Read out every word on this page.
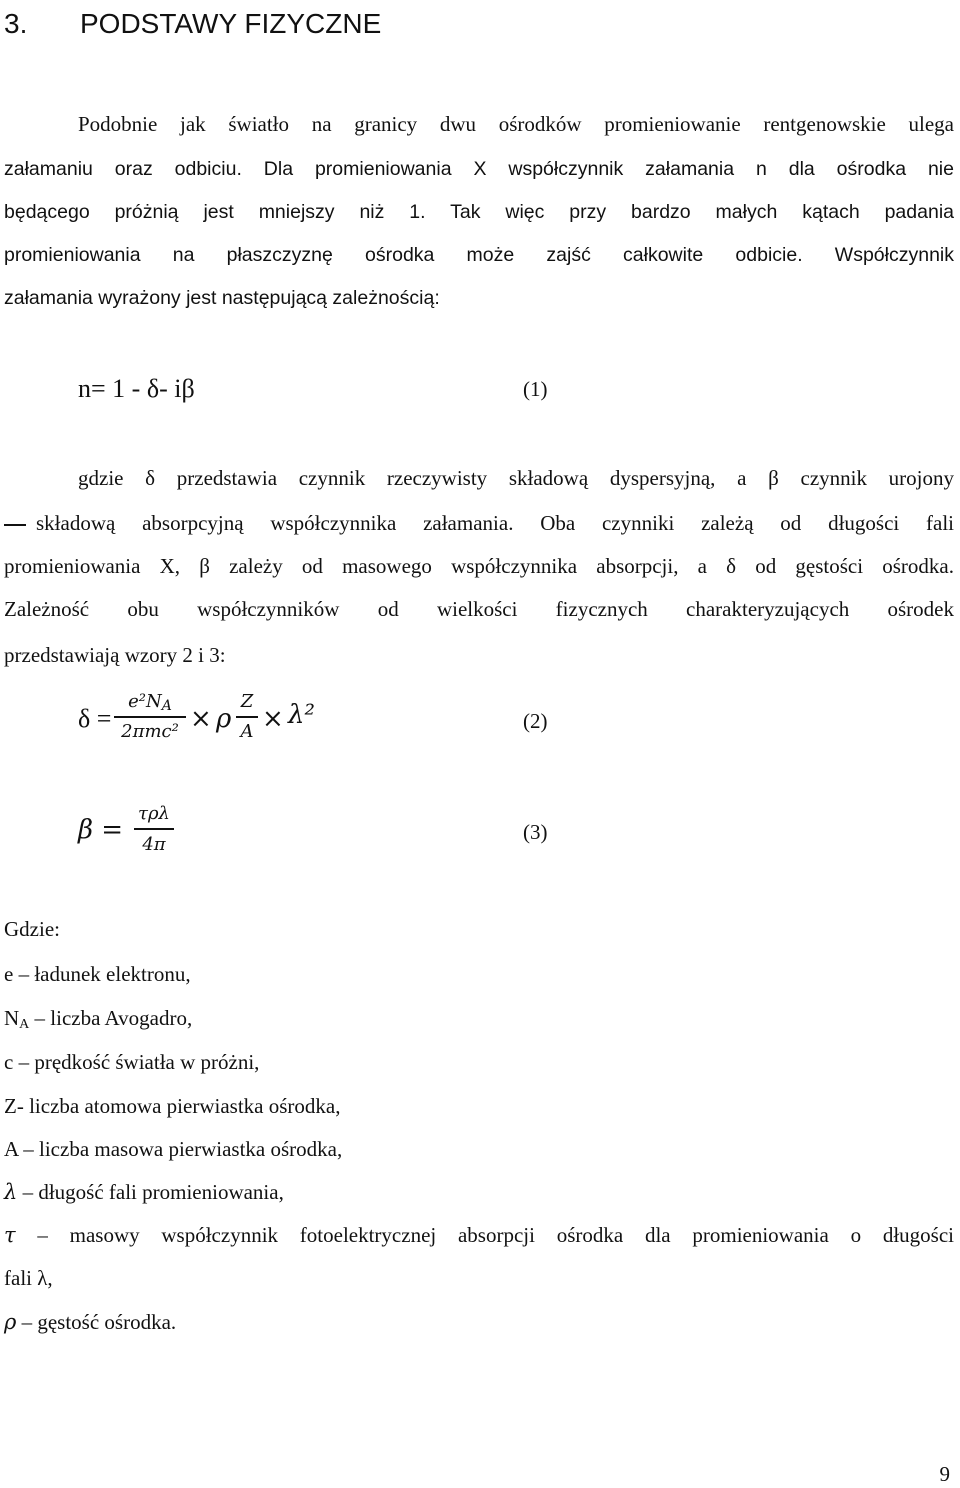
3. PODSTAWY FIZYCZNE
Podobnie jak światło na granicy dwu ośrodków promieniowanie rentgenowskie ulega
załamaniu oraz odbiciu. Dla promieniowania X współczynnik załamania n dla ośrodka nie
będącego próżnią jest mniejszy niż 1. Tak więc przy bardzo małych kątach padania
promieniowania na płaszczyznę ośrodka może zajść całkowite odbicie. Współczynnik
załamania wyrażony jest następującą zależnością:
n= 1 - δ- iβ	(1)
gdzie δ przedstawia czynnik rzeczywisty składową dyspersyjną, a β czynnik urojony
składową absorpcyjną współczynnika załamania. Oba czynniki zależą od długości fali
promieniowania X, β zależy od masowego współczynnika absorpcji, a δ od gęstości ośrodka.
Zależność obu współczynników od wielkości fizycznych charakteryzujących ośrodek
przedstawiają wzory 2 i 3:
δ =
$e^2N_A$
2πmc² × ρ
Z
A × λ²	(2)
β =
τρλ
4π
(3)
Gdzie:
e – ładunek elektronu,
$N_A$ – liczba Avogadro,
c – prędkość światła w próżni,
Z- liczba atomowa pierwiastka ośrodka,
A – liczba masowa pierwiastka ośrodka,
λ – długość fali promieniowania,
τ – masowy współczynnik fotoelektrycznej absorpcji ośrodka dla promieniowania o długości
fali λ,
ρ – gęstość ośrodka.
9
